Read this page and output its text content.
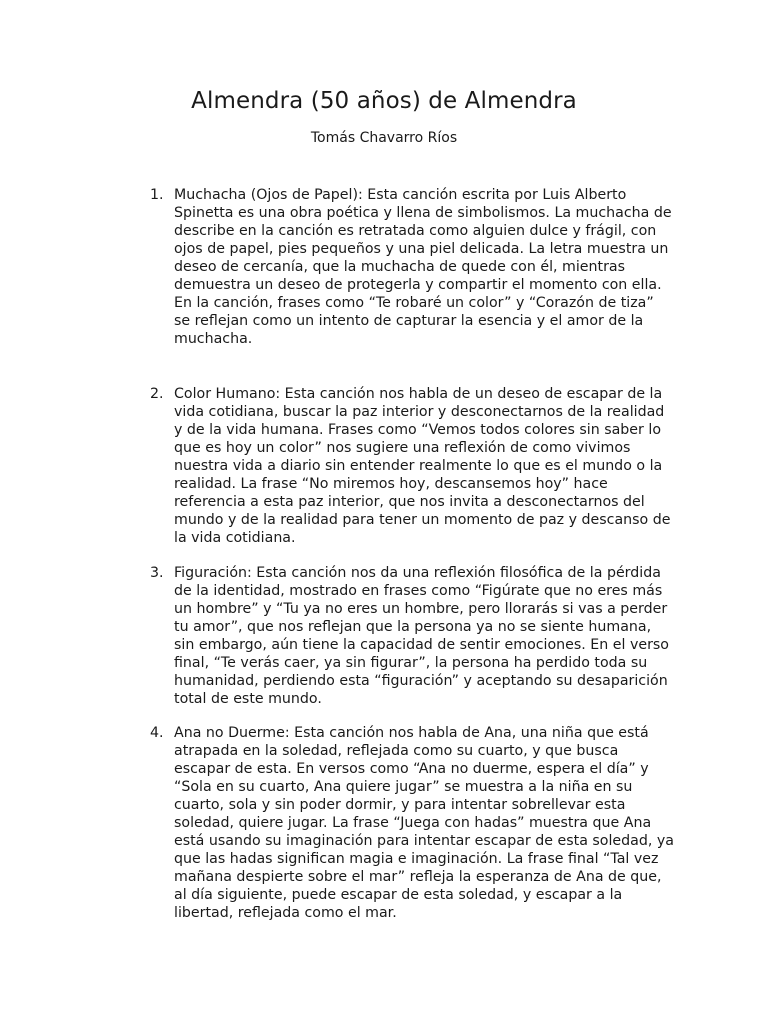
Almendra (50 años) de Almendra

Tomás Chavarro Ríos

1. Muchacha (Ojos de Papel): Esta canción escrita por Luis Alberto
Spinetta es una obra poética y llena de simbolismos. La muchacha de
describe en la canción es retratada como alguien dulce y frágil, con
ojos de papel, pies pequeños y una piel delicada. La letra muestra un
deseo de cercanía, que la muchacha de quede con él, mientras
demuestra un deseo de protegerla y compartir el momento con ella.
En la canción, frases como “Te robaré un color” y “Corazón de tiza”
se reflejan como un intento de capturar la esencia y el amor de la
muchacha.
2. Color Humano: Esta canción nos habla de un deseo de escapar de la
vida cotidiana, buscar la paz interior y desconectarnos de la realidad
y de la vida humana. Frases como “Vemos todos colores sin saber lo
que es hoy un color” nos sugiere una reflexión de como vivimos
nuestra vida a diario sin entender realmente lo que es el mundo o la
realidad. La frase “No miremos hoy, descansemos hoy” hace
referencia a esta paz interior, que nos invita a desconectarnos del
mundo y de la realidad para tener un momento de paz y descanso de
la vida cotidiana.
3. Figuración: Esta canción nos da una reflexión filosófica de la pérdida
de la identidad, mostrado en frases como “Figúrate que no eres más
un hombre” y “Tu ya no eres un hombre, pero llorarás si vas a perder
tu amor”, que nos reflejan que la persona ya no se siente humana,
sin embargo, aún tiene la capacidad de sentir emociones. En el verso
final, “Te verás caer, ya sin figurar”, la persona ha perdido toda su
humanidad, perdiendo esta “figuración” y aceptando su desaparición
total de este mundo.
4. Ana no Duerme: Esta canción nos habla de Ana, una niña que está
atrapada en la soledad, reflejada como su cuarto, y que busca
escapar de esta. En versos como “Ana no duerme, espera el día” y
“Sola en su cuarto, Ana quiere jugar” se muestra a la niña en su
cuarto, sola y sin poder dormir, y para intentar sobrellevar esta
soledad, quiere jugar. La frase “Juega con hadas” muestra que Ana
está usando su imaginación para intentar escapar de esta soledad, ya
que las hadas significan magia e imaginación. La frase final “Tal vez
mañana despierte sobre el mar” refleja la esperanza de Ana de que,
al día siguiente, puede escapar de esta soledad, y escapar a la
libertad, reflejada como el mar.
